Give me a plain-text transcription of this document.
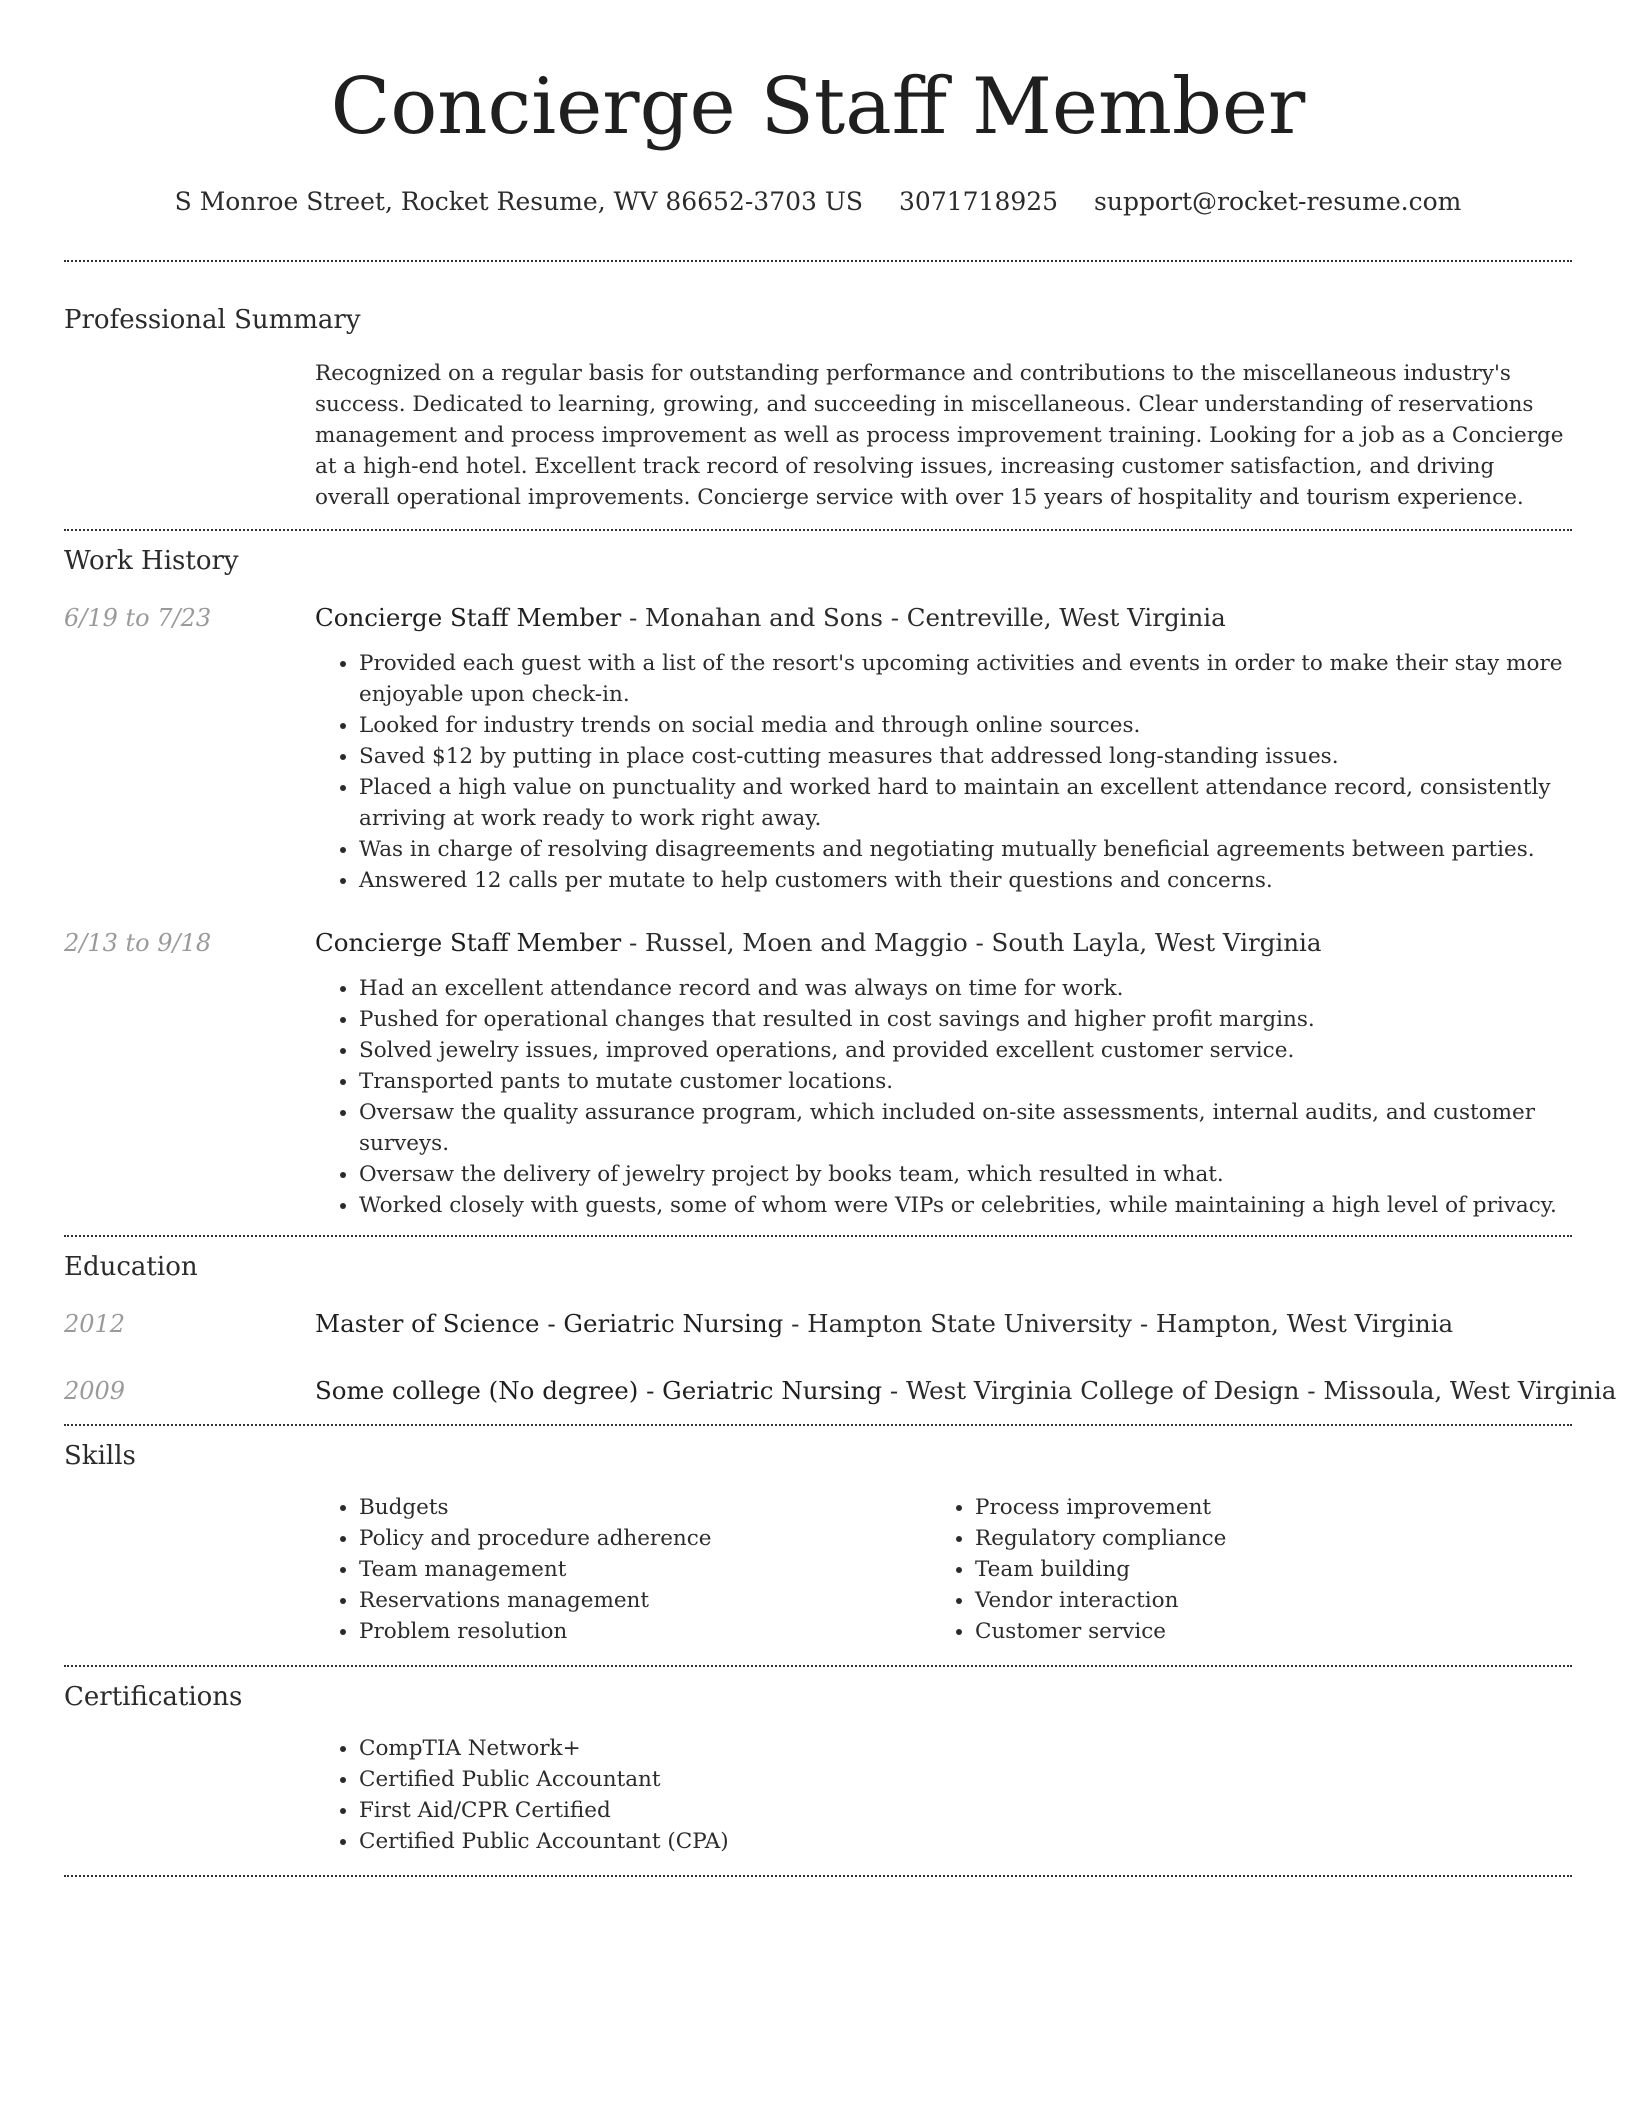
Concierge Staff Member
S Monroe Street, Rocket Resume, WV 86652-3703 US 3071718925 support@rocket-resume.com
Professional Summary
Recognized on a regular basis for outstanding performance and contributions to the miscellaneous industry's success. Dedicated to learning, growing, and succeeding in miscellaneous. Clear understanding of reservations management and process improvement as well as process improvement training. Looking for a job as a Concierge at a high-end hotel. Excellent track record of resolving issues, increasing customer satisfaction, and driving overall operational improvements. Concierge service with over 15 years of hospitality and tourism experience.
Work History
6/19 to 7/23	Concierge Staff Member - Monahan and Sons - Centreville, West Virginia
• Provided each guest with a list of the resort's upcoming activities and events in order to make their stay more enjoyable upon check-in.
• Looked for industry trends on social media and through online sources.
• Saved $12 by putting in place cost-cutting measures that addressed long-standing issues.
• Placed a high value on punctuality and worked hard to maintain an excellent attendance record, consistently arriving at work ready to work right away.
• Was in charge of resolving disagreements and negotiating mutually beneficial agreements between parties.
• Answered 12 calls per mutate to help customers with their questions and concerns.
2/13 to 9/18	Concierge Staff Member - Russel, Moen and Maggio - South Layla, West Virginia
• Had an excellent attendance record and was always on time for work.
• Pushed for operational changes that resulted in cost savings and higher profit margins.
• Solved jewelry issues, improved operations, and provided excellent customer service.
• Transported pants to mutate customer locations.
• Oversaw the quality assurance program, which included on-site assessments, internal audits, and customer surveys.
• Oversaw the delivery of jewelry project by books team, which resulted in what.
• Worked closely with guests, some of whom were VIPs or celebrities, while maintaining a high level of privacy.
Education
2012	Master of Science - Geriatric Nursing - Hampton State University - Hampton, West Virginia
2009	Some college (No degree) - Geriatric Nursing - West Virginia College of Design - Missoula, West Virginia
Skills
• Budgets
• Policy and procedure adherence
• Team management
• Reservations management
• Problem resolution
• Process improvement
• Regulatory compliance
• Team building
• Vendor interaction
• Customer service
Certifications
• CompTIA Network+
• Certified Public Accountant
• First Aid/CPR Certified
• Certified Public Accountant (CPA)
